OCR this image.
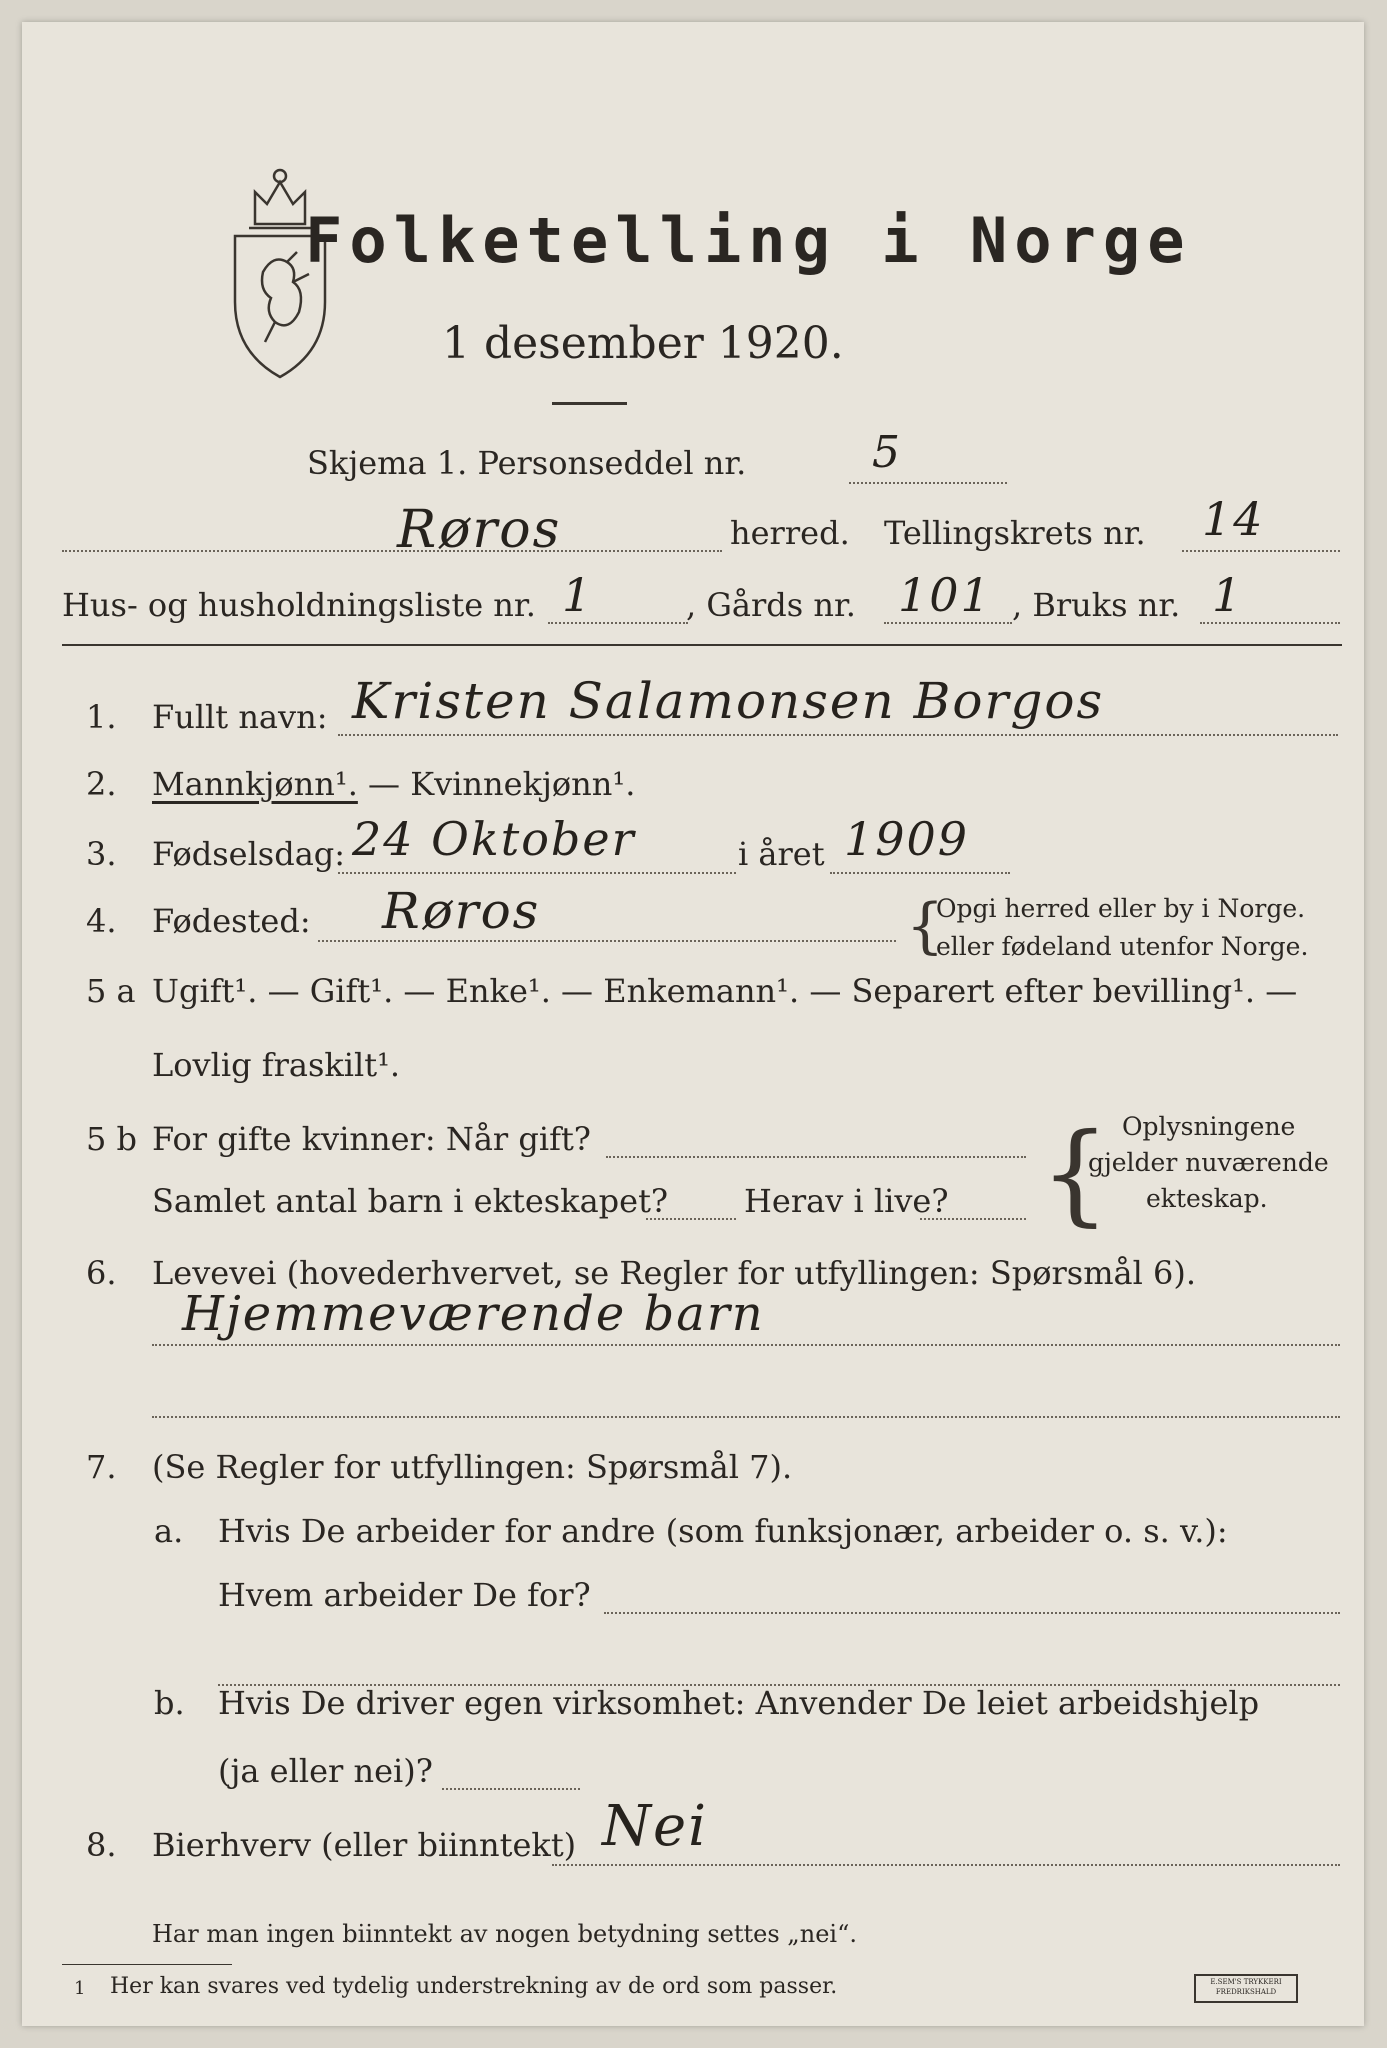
Folketelling i Norge
1 desember 1920.
Skjema 1. Personseddel nr.	5
Røros	herred. Tellingskrets nr. 14
Hus- og husholdningsliste nr. 1	, Gårds nr. 101 , Bruks nr. 1
1. Fullt navn: Kristen Salamonsen Borgos
2. Mannkjønn¹. — Kvinnekjønn¹.
3. Fødselsdag: 24 Oktober	i året 1909
4. Fødested: Røros	{
Opgi herred eller by i Norge.
eller fødeland utenfor Norge.
5 a Ugift¹. — Gift¹. — Enke¹. — Enkemann¹. — Separert efter bevilling¹. —
Lovlig fraskilt¹.
5 b For gifte kvinner: Når gift?
Samlet antal barn i ekteskapet? Herav i live? { Oplysningene
gjelder nuværende
ekteskap.
6. Levevei (hovederhvervet, se Regler for utfyllingen: Spørsmål 6).
Hjemmeværende barn
7. (Se Regler for utfyllingen: Spørsmål 7).
a. Hvis De arbeider for andre (som funksjonær, arbeider o. s. v.):
Hvem arbeider De for?
b. Hvis De driver egen virksomhet: Anvender De leiet arbeidshjelp
(ja eller nei)?
8. Bierhverv (eller biinntekt) Nei
Har man ingen biinntekt av nogen betydning settes „nei“.
1 Her kan svares ved tydelig understrekning av de ord som passer.	E.SEM'S TRYKKERI FREDRIKSHALD
